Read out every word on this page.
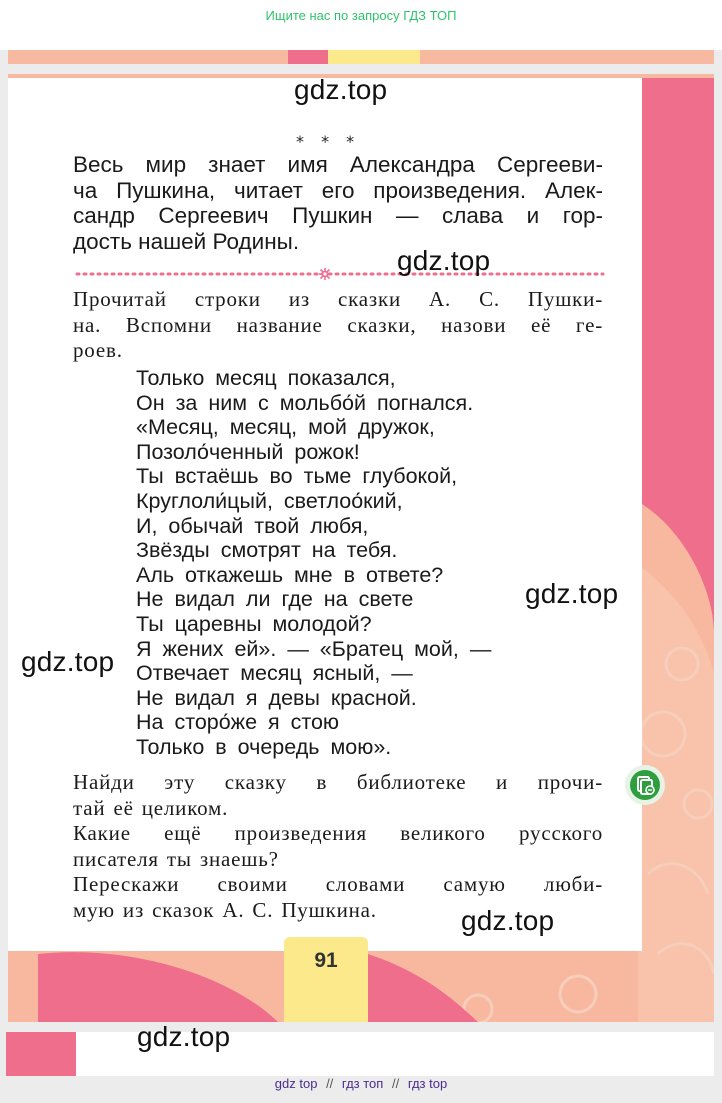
Ищите нас по запросу ГДЗ ТОП
* * *

Весь мир знает имя Александра Сергееви-
ча Пушкина, читает его произведения. Алек-
сандр Сергеевич Пушкин — слава и гор-
дость нашей Родины.

Прочитай строки из сказки А. С. Пушки-
на. Вспомни название сказки, назови её ге-
роев.

Только месяц показался,
Он за ним с мольбо́й погнался.
«Месяц, месяц, мой дружок,
Позоло́ченный рожок!
Ты встаёшь во тьме глубокой,
Круглоли́цый, светлоо́кий,
И, обычай твой любя,
Звёзды смотрят на тебя.
Аль откажешь мне в ответе?
Не видал ли где на свете
Ты царевны молодой?
Я жених ей». — «Братец мой, —
Отвечает месяц ясный, —
Не видал я девы красной.
На сторо́же я стою
Только в очередь мою».

Найди эту сказку в библиотеке и прочи-
тай её целиком.
Какие ещё произведения великого русского
писателя ты знаешь?
Перескажи своими словами самую люби-
мую из сказок А. С. Пушкина.

91
gdz.top
gdz.top
gdz.top
gdz.top
gdz.top
gdz.top
gdz top // гдз топ // гдз top
